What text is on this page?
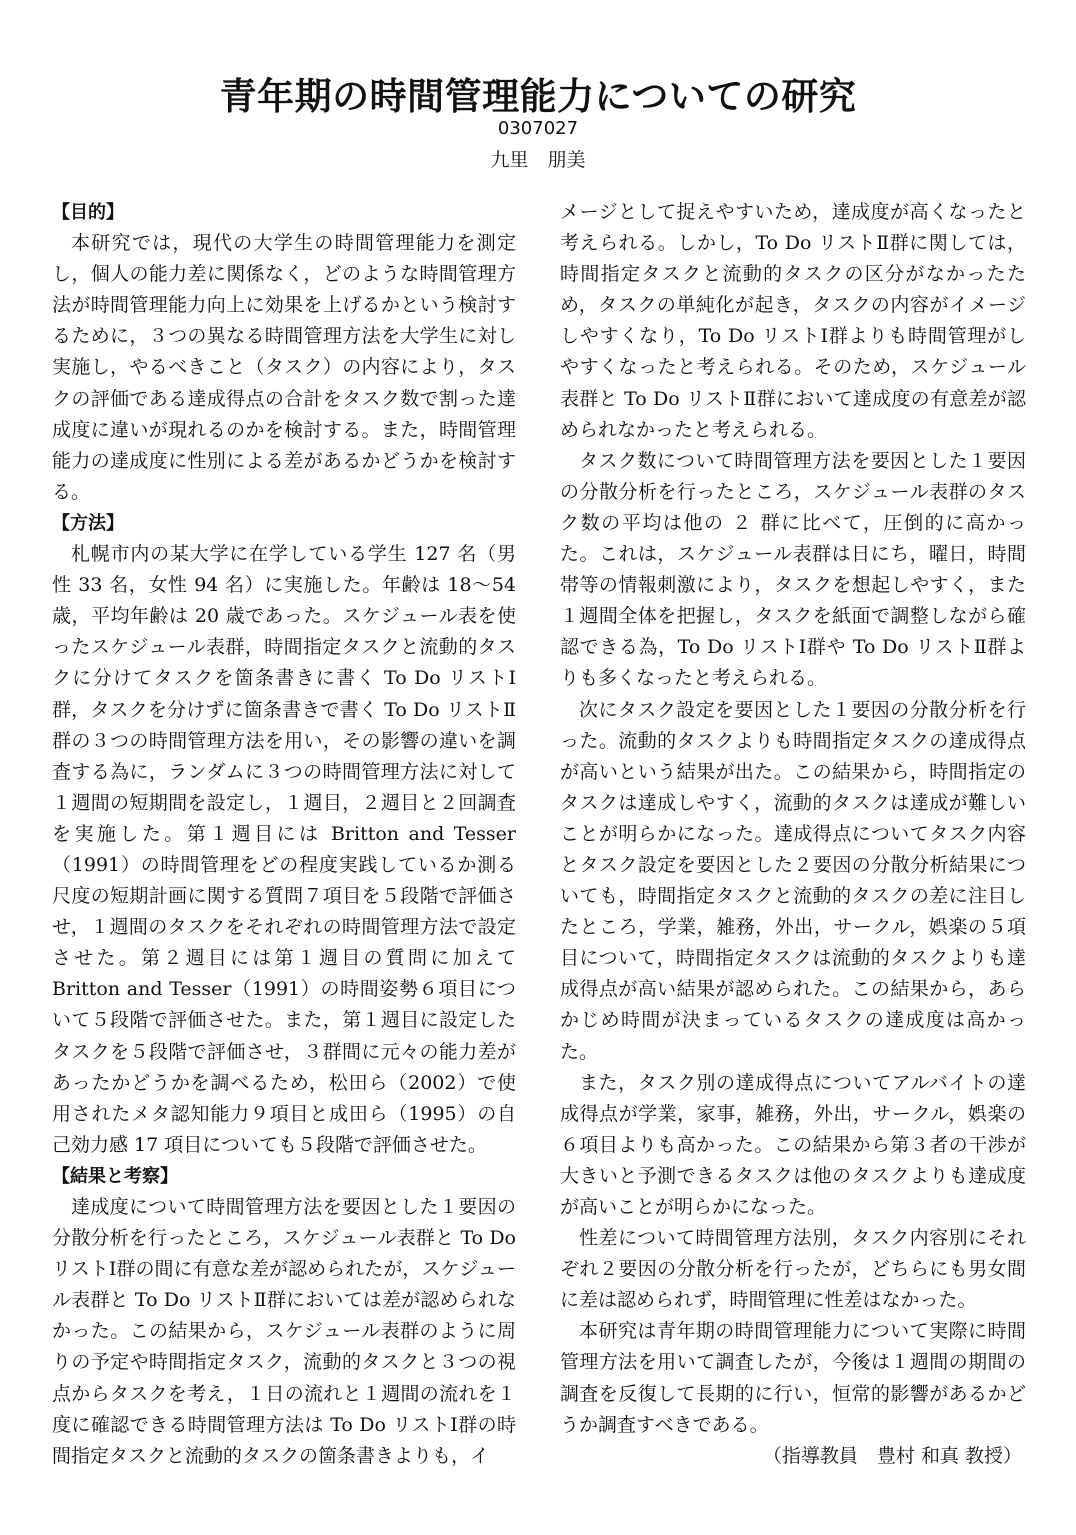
青年期の時間管理能力についての研究
0307027
九里　朋美
【目的】

本研究では，現代の大学生の時間管理能力を測定し，個人の能力差に関係なく，どのような時間管理方法が時間管理能力向上に効果を上げるかという検討するために，３つの異なる時間管理方法を大学生に対し実施し，やるべきこと（タスク）の内容により，タスクの評価である達成得点の合計をタスク数で割った達成度に違いが現れるのかを検討する。また，時間管理能力の達成度に性別による差があるかどうかを検討する。

【方法】

札幌市内の某大学に在学している学生 127 名（男性 33 名，女性 94 名）に実施した。年齢は 18〜54 歳，平均年齢は 20 歳であった。スケジュール表を使ったスケジュール表群，時間指定タスクと流動的タスクに分けてタスクを箇条書きに書く To Do リストⅠ群，タスクを分けずに箇条書きで書く To Do リストⅡ群の３つの時間管理方法を用い，その影響の違いを調査する為に，ランダムに３つの時間管理方法に対して１週間の短期間を設定し，１週目，２週目と２回調査を実施した。第１週目には Britton and Tesser（1991）の時間管理をどの程度実践しているか測る尺度の短期計画に関する質問７項目を５段階で評価させ，１週間のタスクをそれぞれの時間管理方法で設定させた。第２週目には第１週目の質問に加えて Britton and Tesser（1991）の時間姿勢６項目について５段階で評価させた。また，第１週目に設定したタスクを５段階で評価させ，３群間に元々の能力差があったかどうかを調べるため，松田ら（2002）で使用されたメタ認知能力９項目と成田ら（1995）の自己効力感 17 項目についても５段階で評価させた。

【結果と考察】

達成度について時間管理方法を要因とした１要因の分散分析を行ったところ，スケジュール表群と To Do リストⅠ群の間に有意な差が認められたが，スケジュール表群と To Do リストⅡ群においては差が認められなかった。この結果から，スケジュール表群のように周りの予定や時間指定タスク，流動的タスクと３つの視点からタスクを考え，１日の流れと１週間の流れを１度に確認できる時間管理方法は To Do リストⅠ群の時間指定タスクと流動的タスクの箇条書きよりも，イ

メージとして捉えやすいため，達成度が高くなったと考えられる。しかし，To Do リストⅡ群に関しては，時間指定タスクと流動的タスクの区分がなかったため，タスクの単純化が起き，タスクの内容がイメージしやすくなり，To Do リストⅠ群よりも時間管理がしやすくなったと考えられる。そのため，スケジュール表群と To Do リストⅡ群において達成度の有意差が認められなかったと考えられる。

タスク数について時間管理方法を要因とした１要因の分散分析を行ったところ，スケジュール表群のタスク数の平均は他の ２ 群に比べて，圧倒的に高かった。これは，スケジュール表群は日にち，曜日，時間帯等の情報刺激により，タスクを想起しやすく，また１週間全体を把握し，タスクを紙面で調整しながら確認できる為，To Do リストⅠ群や To Do リストⅡ群よりも多くなったと考えられる。

次にタスク設定を要因とした１要因の分散分析を行った。流動的タスクよりも時間指定タスクの達成得点が高いという結果が出た。この結果から，時間指定のタスクは達成しやすく，流動的タスクは達成が難しいことが明らかになった。達成得点についてタスク内容とタスク設定を要因とした２要因の分散分析結果についても，時間指定タスクと流動的タスクの差に注目したところ，学業，雑務，外出，サークル，娯楽の５項目について，時間指定タスクは流動的タスクよりも達成得点が高い結果が認められた。この結果から，あらかじめ時間が決まっているタスクの達成度は高かった。

また，タスク別の達成得点についてアルバイトの達成得点が学業，家事，雑務，外出，サークル，娯楽の６項目よりも高かった。この結果から第３者の干渉が大きいと予測できるタスクは他のタスクよりも達成度が高いことが明らかになった。

性差について時間管理方法別，タスク内容別にそれぞれ２要因の分散分析を行ったが，どちらにも男女間に差は認められず，時間管理に性差はなかった。

本研究は青年期の時間管理能力について実際に時間管理方法を用いて調査したが，今後は１週間の期間の調査を反復して長期的に行い，恒常的影響があるかどうか調査すべきである。

（指導教員　豊村 和真 教授）
